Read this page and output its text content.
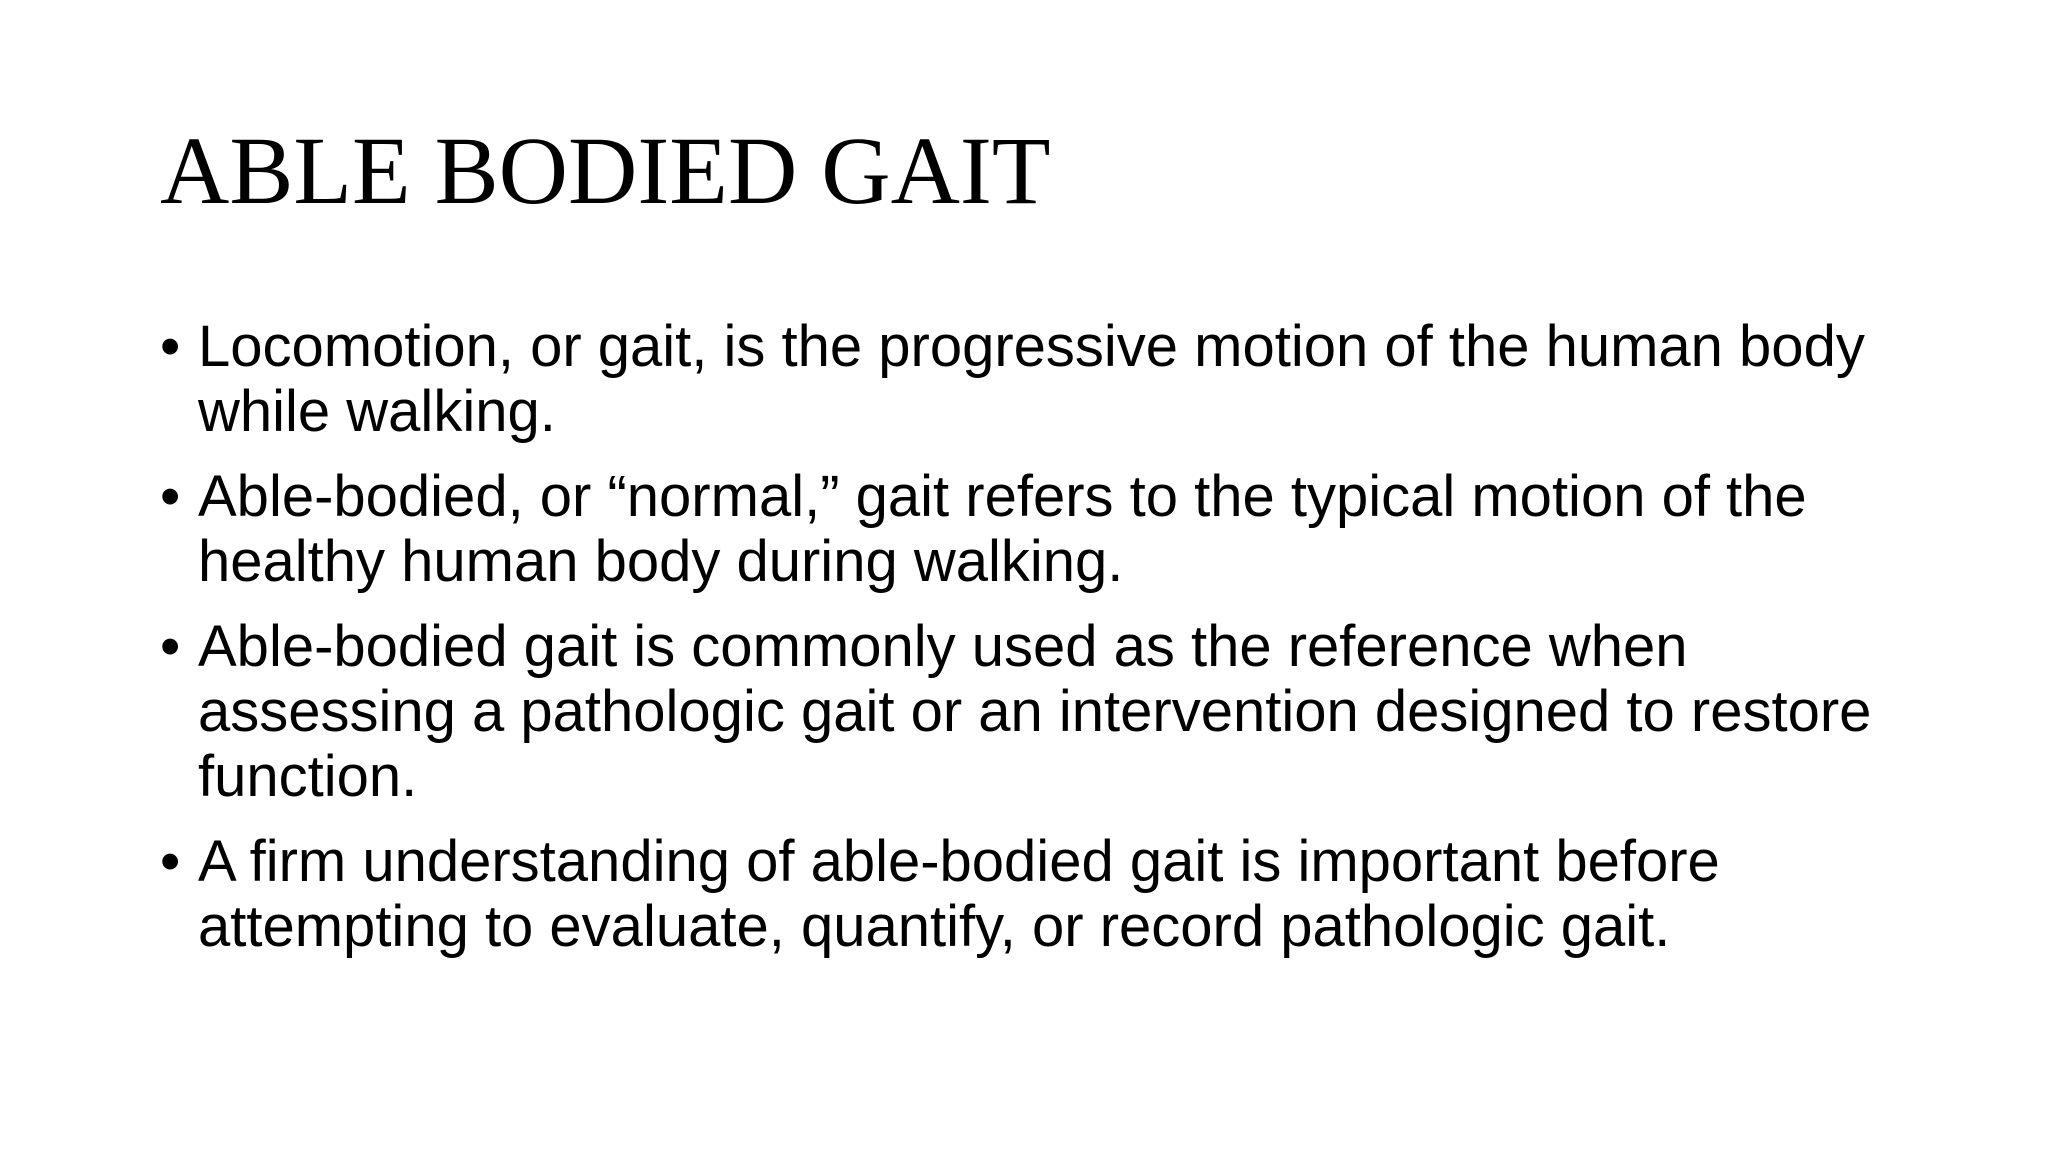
ABLE BODIED GAIT
• Locomotion, or gait, is the progressive motion of the human body while walking.
• Able-bodied, or “normal,” gait refers to the typical motion of the healthy human body during walking.
• Able-bodied gait is commonly used as the reference when assessing a pathologic gait or an intervention designed to restore function.
• A firm understanding of able-bodied gait is important before attempting to evaluate, quantify, or record pathologic gait.
